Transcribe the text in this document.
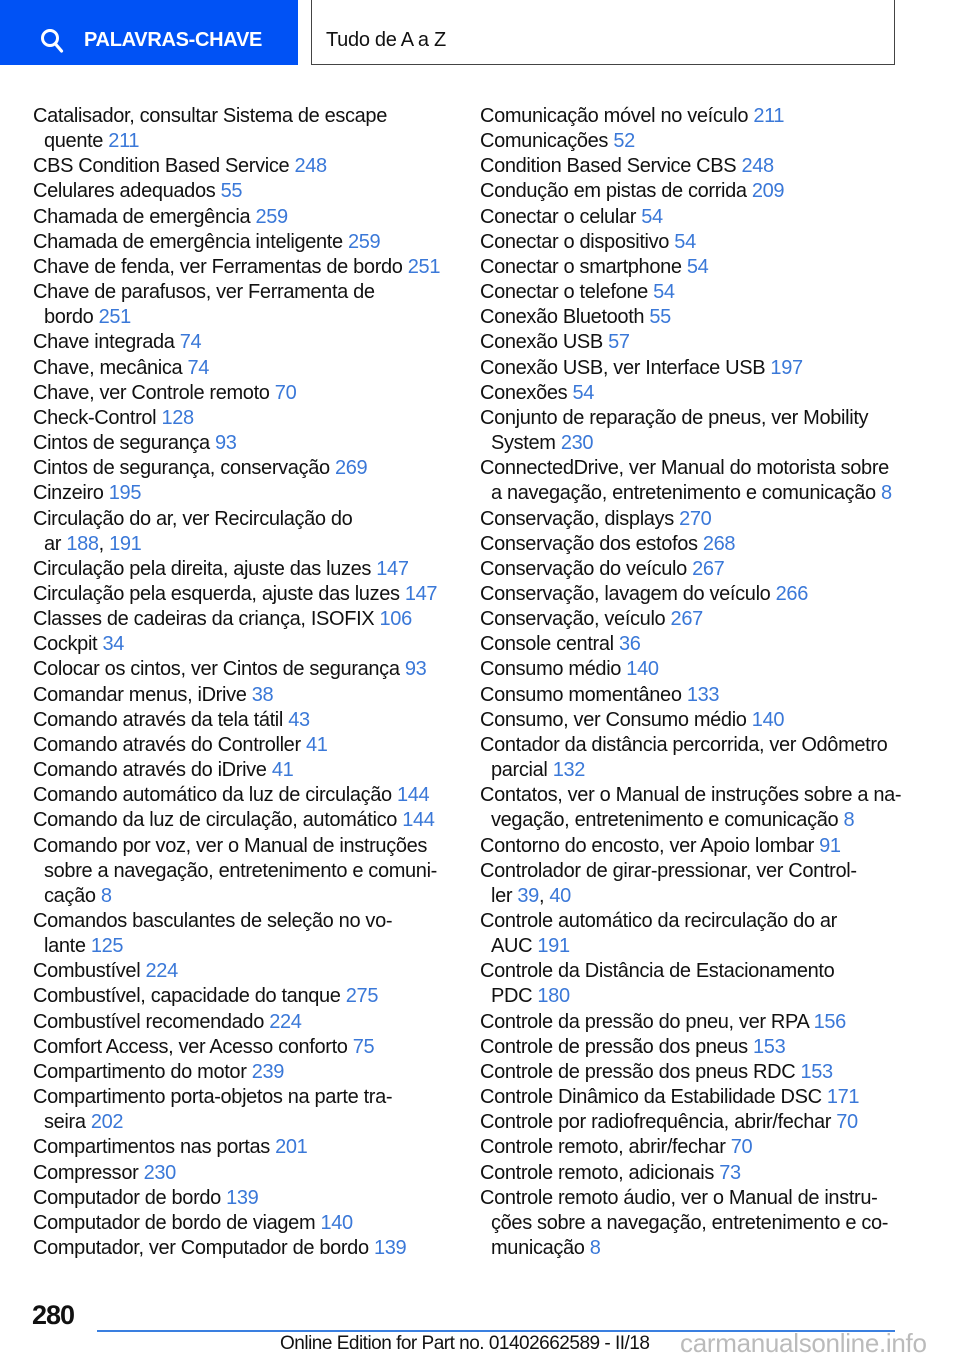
PALAVRAS-CHAVE	Tudo de A a Z
Catalisador, consultar Sistema de escape
quente 211
CBS Condition Based Service 248
Celulares adequados 55
Chamada de emergência 259
Chamada de emergência inteligente 259
Chave de fenda, ver Ferramentas de bordo 251
Chave de parafusos, ver Ferramenta de
bordo 251
Chave integrada 74
Chave, mecânica 74
Chave, ver Controle remoto 70
Check-Control 128
Cintos de segurança 93
Cintos de segurança, conservação 269
Cinzeiro 195
Circulação do ar, ver Recirculação do
ar 188, 191
Circulação pela direita, ajuste das luzes 147
Circulação pela esquerda, ajuste das luzes 147
Classes de cadeiras da criança, ISOFIX 106
Cockpit 34
Colocar os cintos, ver Cintos de segurança 93
Comandar menus, iDrive 38
Comando através da tela tátil 43
Comando através do Controller 41
Comando através do iDrive 41
Comando automático da luz de circulação 144
Comando da luz de circulação, automático 144
Comando por voz, ver o Manual de instruções
sobre a navegação, entretenimento e comuni-
cação 8
Comandos basculantes de seleção no vo-
lante 125
Combustível 224
Combustível, capacidade do tanque 275
Combustível recomendado 224
Comfort Access, ver Acesso conforto 75
Compartimento do motor 239
Compartimento porta-objetos na parte tra-
seira 202
Compartimentos nas portas 201
Compressor 230
Computador de bordo 139
Computador de bordo de viagem 140
Computador, ver Computador de bordo 139
Comunicação móvel no veículo 211
Comunicações 52
Condition Based Service CBS 248
Condução em pistas de corrida 209
Conectar o celular 54
Conectar o dispositivo 54
Conectar o smartphone 54
Conectar o telefone 54
Conexão Bluetooth 55
Conexão USB 57
Conexão USB, ver Interface USB 197
Conexões 54
Conjunto de reparação de pneus, ver Mobility
System 230
ConnectedDrive, ver Manual do motorista sobre
a navegação, entretenimento e comunicação 8
Conservação, displays 270
Conservação dos estofos 268
Conservação do veículo 267
Conservação, lavagem do veículo 266
Conservação, veículo 267
Console central 36
Consumo médio 140
Consumo momentâneo 133
Consumo, ver Consumo médio 140
Contador da distância percorrida, ver Odômetro
parcial 132
Contatos, ver o Manual de instruções sobre a na-
vegação, entretenimento e comunicação 8
Contorno do encosto, ver Apoio lombar 91
Controlador de girar-pressionar, ver Control-
ler 39, 40
Controle automático da recirculação do ar
AUC 191
Controle da Distância de Estacionamento
PDC 180
Controle da pressão do pneu, ver RPA 156
Controle de pressão dos pneus 153
Controle de pressão dos pneus RDC 153
Controle Dinâmico da Estabilidade DSC 171
Controle por radiofrequência, abrir/fechar 70
Controle remoto, abrir/fechar 70
Controle remoto, adicionais 73
Controle remoto áudio, ver o Manual de instru-
ções sobre a navegação, entretenimento e co-
municação 8
280
Online Edition for Part no. 01402662589 - II/18 carmanualsonline.info
